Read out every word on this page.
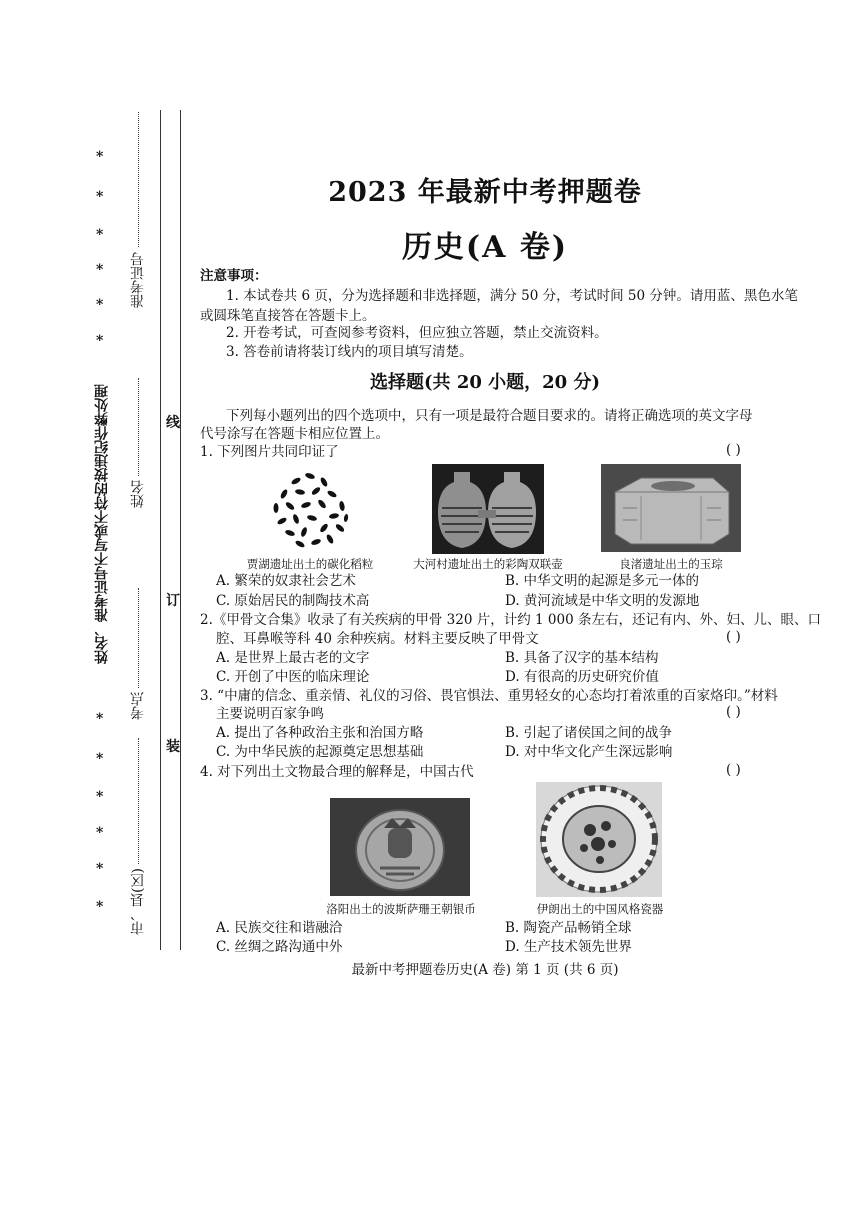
*
*
*
*
*
*
*
*
*
*
*
*
姓名、准考证号不写或不符的按违纪作弊处理
准考证号
姓名
考点
市、县(区)
线
订
装
2023 年最新中考押题卷
历史(A 卷)
注意事项：
1. 本试卷共 6 页，分为选择题和非选择题，满分 50 分，考试时间 50 分钟。请用蓝、黑色水笔
或圆珠笔直接答在答题卡上。
2. 开卷考试，可查阅参考资料，但应独立答题，禁止交流资料。
3. 答卷前请将装订线内的项目填写清楚。
选择题(共 20 小题，20 分)
下列每小题列出的四个选项中，只有一项是最符合题目要求的。请将正确选项的英文字母
代号涂写在答题卡相应位置上。
1. 下列图片共同印证了	( )
贾湖遗址出土的碳化稻粒	大河村遗址出土的彩陶双联壶	良渚遗址出土的玉琮
A. 繁荣的奴隶社会艺术	B. 中华文明的起源是多元一体的
C. 原始居民的制陶技术高	D. 黄河流域是中华文明的发源地
2.《甲骨文合集》收录了有关疾病的甲骨 320 片，计约 1 000 条左右，还记有内、外、妇、儿、眼、口
腔、耳鼻喉等科 40 余种疾病。材料主要反映了甲骨文	( )
A. 是世界上最古老的文字	B. 具备了汉字的基本结构
C. 开创了中医的临床理论	D. 有很高的历史研究价值
3. “中庸的信念、重亲情、礼仪的习俗、畏官惧法、重男轻女的心态均打着浓重的百家烙印。”材料
主要说明百家争鸣	( )
A. 提出了各种政治主张和治国方略	B. 引起了诸侯国之间的战争
C. 为中华民族的起源奠定思想基础	D. 对中华文化产生深远影响
4. 对下列出土文物最合理的解释是，中国古代	( )
洛阳出土的波斯萨珊王朝银币	伊朗出土的中国风格瓷器
A. 民族交往和谐融洽	B. 陶瓷产品畅销全球
C. 丝绸之路沟通中外	D. 生产技术领先世界
最新中考押题卷历史(A 卷) 第 1 页 (共 6 页)
